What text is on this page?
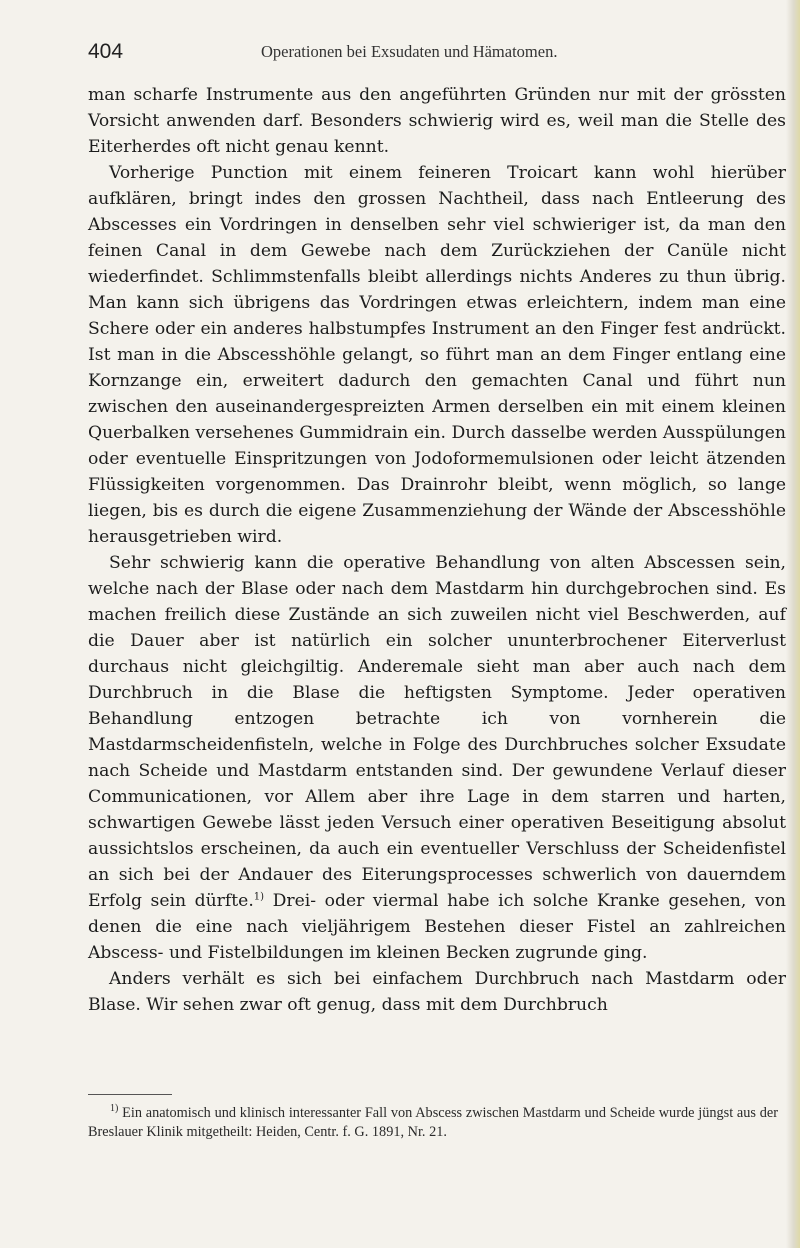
404	Operationen bei Exsudaten und Hämatomen.

man scharfe Instrumente aus den angeführten Gründen nur mit der grössten Vorsicht anwenden darf. Besonders schwierig wird es, weil man die Stelle des Eiterherdes oft nicht genau kennt.

Vorherige Punction mit einem feineren Troicart kann wohl hierüber aufklären, bringt indes den grossen Nachtheil, dass nach Entleerung des Abscesses ein Vordringen in denselben sehr viel schwieriger ist, da man den feinen Canal in dem Gewebe nach dem Zurückziehen der Canüle nicht wiederfindet. Schlimmstenfalls bleibt allerdings nichts Anderes zu thun übrig. Man kann sich übrigens das Vordringen etwas erleichtern, indem man eine Schere oder ein anderes halbstumpfes Instrument an den Finger fest andrückt. Ist man in die Abscesshöhle gelangt, so führt man an dem Finger entlang eine Kornzange ein, erweitert dadurch den gemachten Canal und führt nun zwischen den auseinandergespreizten Armen derselben ein mit einem kleinen Querbalken versehenes Gummidrain ein. Durch dasselbe werden Ausspülungen oder eventuelle Einspritzungen von Jodoformemulsionen oder leicht ätzenden Flüssigkeiten vorgenommen. Das Drainrohr bleibt, wenn möglich, so lange liegen, bis es durch die eigene Zusammenziehung der Wände der Abscesshöhle herausgetrieben wird.

Sehr schwierig kann die operative Behandlung von alten Abscessen sein, welche nach der Blase oder nach dem Mastdarm hin durchgebrochen sind. Es machen freilich diese Zustände an sich zuweilen nicht viel Beschwerden, auf die Dauer aber ist natürlich ein solcher ununterbrochener Eiterverlust durchaus nicht gleichgiltig. Anderemale sieht man aber auch nach dem Durchbruch in die Blase die heftigsten Symptome. Jeder operativen Behandlung entzogen betrachte ich von vornherein die Mastdarmscheidenfisteln, welche in Folge des Durchbruches solcher Exsudate nach Scheide und Mastdarm entstanden sind. Der gewundene Verlauf dieser Communicationen, vor Allem aber ihre Lage in dem starren und harten, schwartigen Gewebe lässt jeden Versuch einer operativen Beseitigung absolut aussichtslos erscheinen, da auch ein eventueller Verschluss der Scheidenfistel an sich bei der Andauer des Eiterungsprocesses schwerlich von dauerndem Erfolg sein dürfte.$^{1)}$ Drei- oder viermal habe ich solche Kranke gesehen, von denen die eine nach vieljährigem Bestehen dieser Fistel an zahlreichen Abscess- und Fistelbildungen im kleinen Becken zugrunde ging.

Anders verhält es sich bei einfachem Durchbruch nach Mastdarm oder Blase. Wir sehen zwar oft genug, dass mit dem Durchbruch

$^{1)}$ Ein anatomisch und klinisch interessanter Fall von Abscess zwischen Mastdarm und Scheide wurde jüngst aus der Breslauer Klinik mitgetheilt: Heiden, Centr. f. G. 1891, Nr. 21.
